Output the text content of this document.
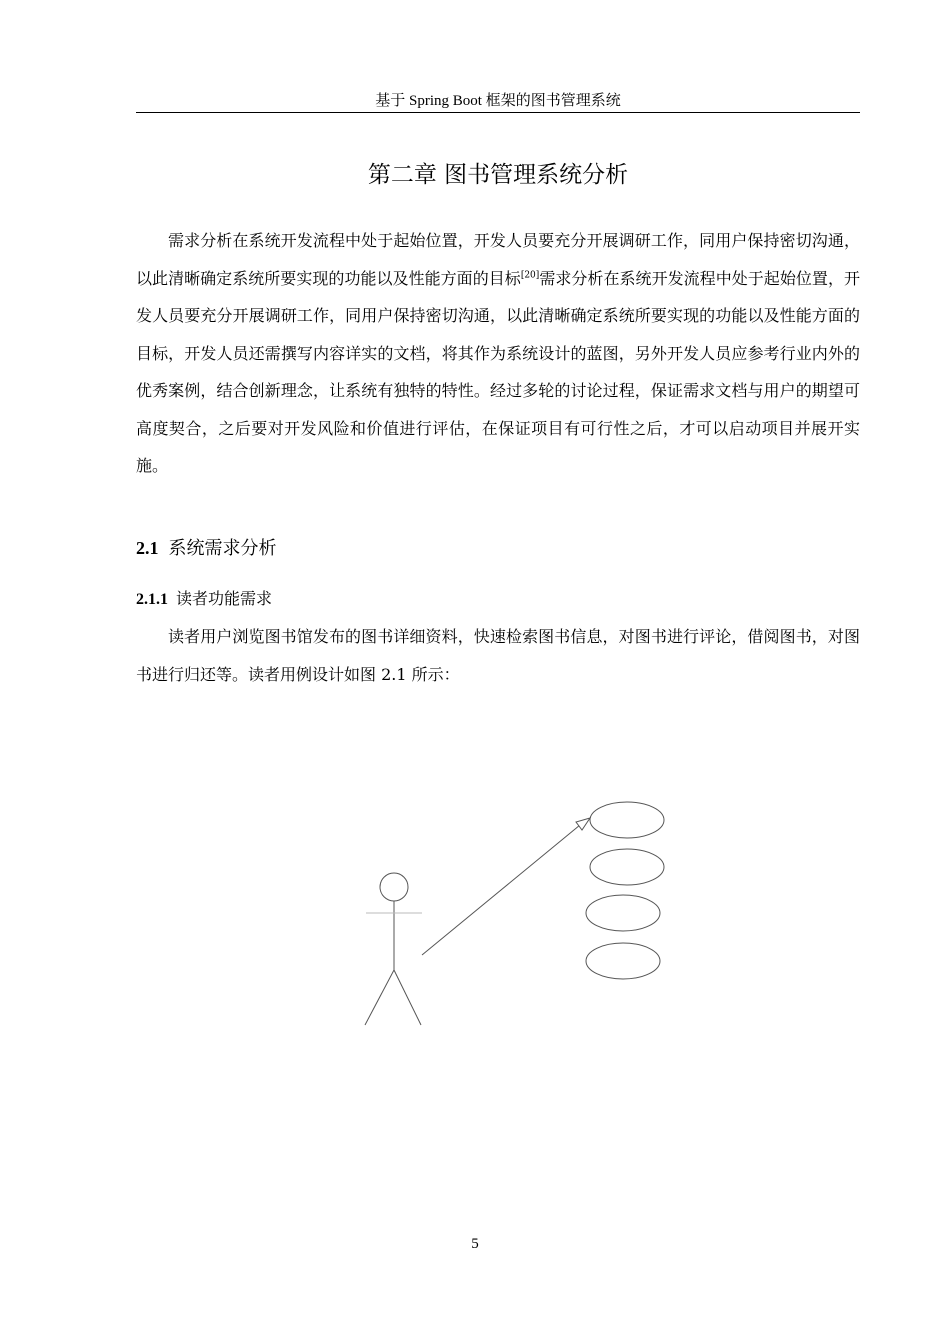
基于 Spring Boot 框架的图书管理系统
第二章 图书管理系统分析

需求分析在系统开发流程中处于起始位置，开发人员要充分开展调研工作，同用户保持密切沟通，以此清晰确定系统所要实现的功能以及性能方面的目标[20]需求分析在系统开发流程中处于起始位置，开发人员要充分开展调研工作，同用户保持密切沟通，以此清晰确定系统所要实现的功能以及性能方面的目标，开发人员还需撰写内容详实的文档，将其作为系统设计的蓝图，另外开发人员应参考行业内外的优秀案例，结合创新理念，让系统有独特的特性。经过多轮的讨论过程，保证需求文档与用户的期望可高度契合，之后要对开发风险和价值进行评估，在保证项目有可行性之后，才可以启动项目并展开实施。

2.1 系统需求分析
2.1.1 读者功能需求

读者用户浏览图书馆发布的图书详细资料，快速检索图书信息，对图书进行评论，借阅图书，对图书进行归还等。读者用例设计如图 2.1 所示：

5
